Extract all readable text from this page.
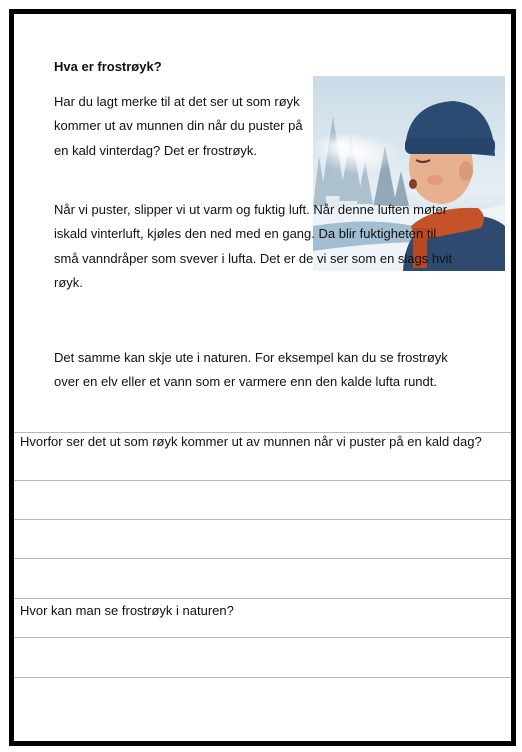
Hva er frostrøyk?

Har du lagt merke til at det ser ut som røyk kommer ut av munnen din når du puster på en kald vinterdag? Det er frostrøyk.

Når vi puster, slipper vi ut varm og fuktig luft. Når denne luften møter iskald vinterluft, kjøles den ned med en gang. Da blir fuktigheten til små vanndråper som svever i lufta. Det er de vi ser som en slags hvit røyk.

Det samme kan skje ute i naturen. For eksempel kan du se frostrøyk over en elv eller et vann som er varmere enn den kalde lufta rundt.

Hvorfor ser det ut som røyk kommer ut av munnen når vi puster på en kald dag?
Hvor kan man se frostrøyk i naturen?
